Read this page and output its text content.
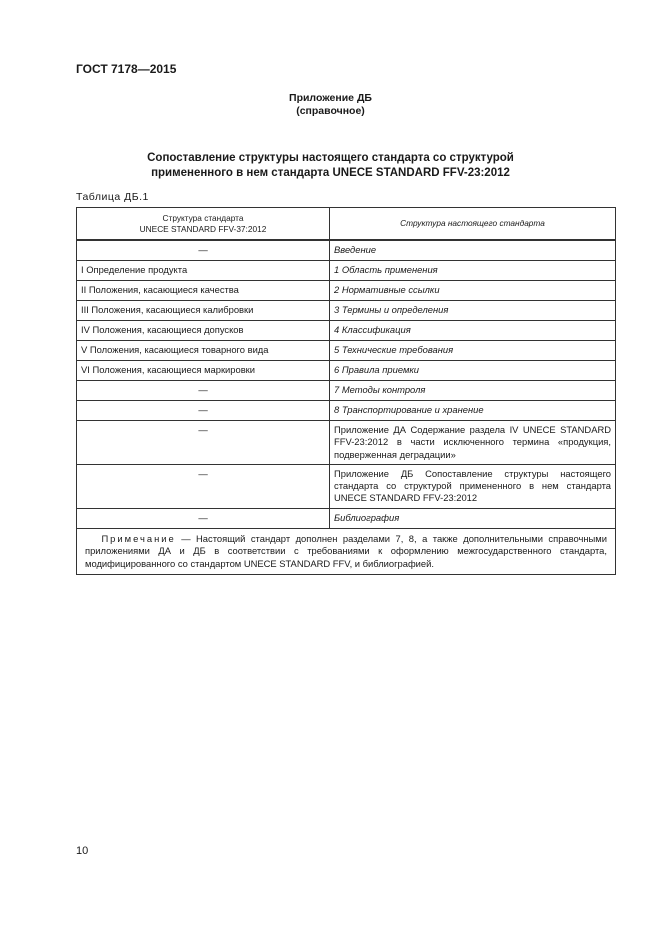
ГОСТ 7178—2015
Приложение ДБ
(справочное)
Сопоставление структуры настоящего стандарта со структурой
примененного в нем стандарта UNECE STANDARD FFV-23:2012
Таблица ДБ.1
Структура стандарта
UNECE STANDARD FFV-37:2012	Структура настоящего стандарта
—	Введение
I Определение продукта	1 Область применения
II Положения, касающиеся качества	2 Нормативные ссылки
III Положения, касающиеся калибровки	3 Термины и определения
IV Положения, касающиеся допусков	4 Классификация
V Положения, касающиеся товарного вида	5 Технические требования
VI Положения, касающиеся маркировки	6 Правила приемки
—	7 Методы контроля
—	8 Транспортирование и хранение
—	Приложение ДА Содержание раздела IV UNECE STANDARD FFV-23:2012 в части исключенного термина «продукция, подверженная деградации»
—	Приложение ДБ Сопоставление структуры настоящего стандарта со структурой примененного в нем стандарта UNECE STANDARD FFV-23:2012
—	Библиография
Примечание — Настоящий стандарт дополнен разделами 7, 8, а также дополнительными справочными приложениями ДА и ДБ в соответствии с требованиями к оформлению межгосударственного стандарта, модифицированного со стандартом UNECE STANDARD FFV, и библиографией.	
10
